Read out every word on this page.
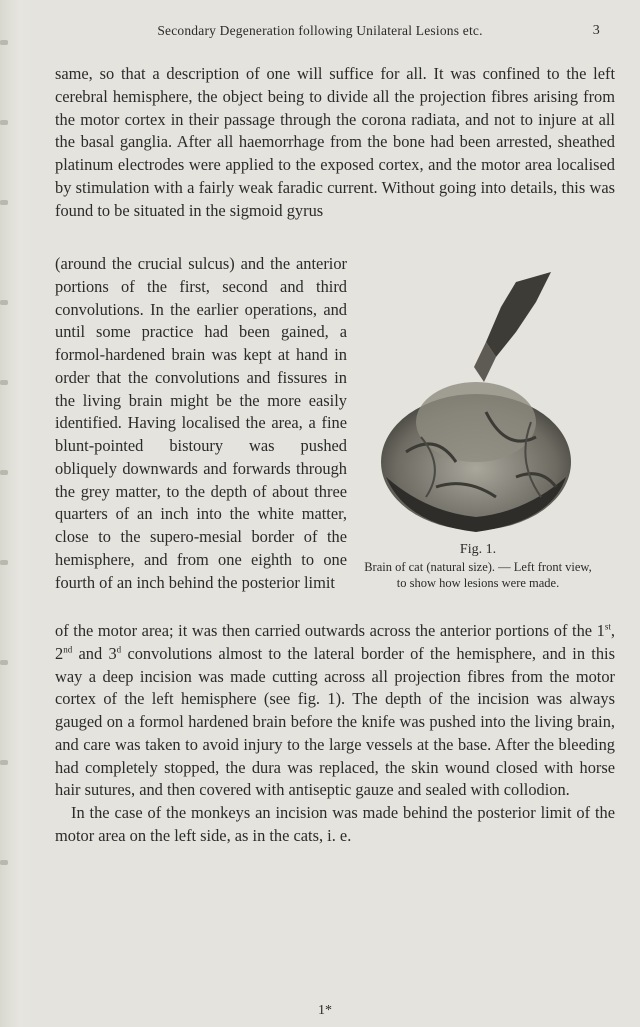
Secondary Degeneration following Unilateral Lesions etc.	3

same, so that a description of one will suffice for all. It was confined to the left cerebral hemisphere, the object being to divide all the projection fibres arising from the motor cortex in their passage through the corona radiata, and not to injure at all the basal ganglia. After all haemorrhage from the bone had been arrested, sheathed platinum electrodes were applied to the exposed cortex, and the motor area localised by stimulation with a fairly weak faradic current. Without going into details, this was found to be situated in the sigmoid gyrus

(around the crucial sulcus) and the anterior portions of the first, second and third convolutions. In the earlier operations, and until some practice had been gained, a formol-hardened brain was kept at hand in order that the convolutions and fissures in the living brain might be the more easily identified. Having localised the area, a fine blunt-pointed bistoury was pushed obliquely downwards and forwards through the grey matter, to the depth of about three quarters of an inch into the white matter, close to the supero-mesial border of the hemisphere, and from one eighth to one fourth of an inch behind the posterior limit

Fig. 1.
Brain of cat (natural size). — Left front view, to show how lesions were made.

of the motor area; it was then carried outwards across the anterior portions of the 1st, 2nd and 3$^d$ convolutions almost to the lateral border of the hemisphere, and in this way a deep incision was made cutting across all projection fibres from the motor cortex of the left hemisphere (see fig. 1). The depth of the incision was always gauged on a formol hardened brain before the knife was pushed into the living brain, and care was taken to avoid injury to the large vessels at the base. After the bleeding had completely stopped, the dura was replaced, the skin wound closed with horse hair sutures, and then covered with antiseptic gauze and sealed with collodion.

In the case of the monkeys an incision was made behind the posterior limit of the motor area on the left side, as in the cats, i. e.

1*
